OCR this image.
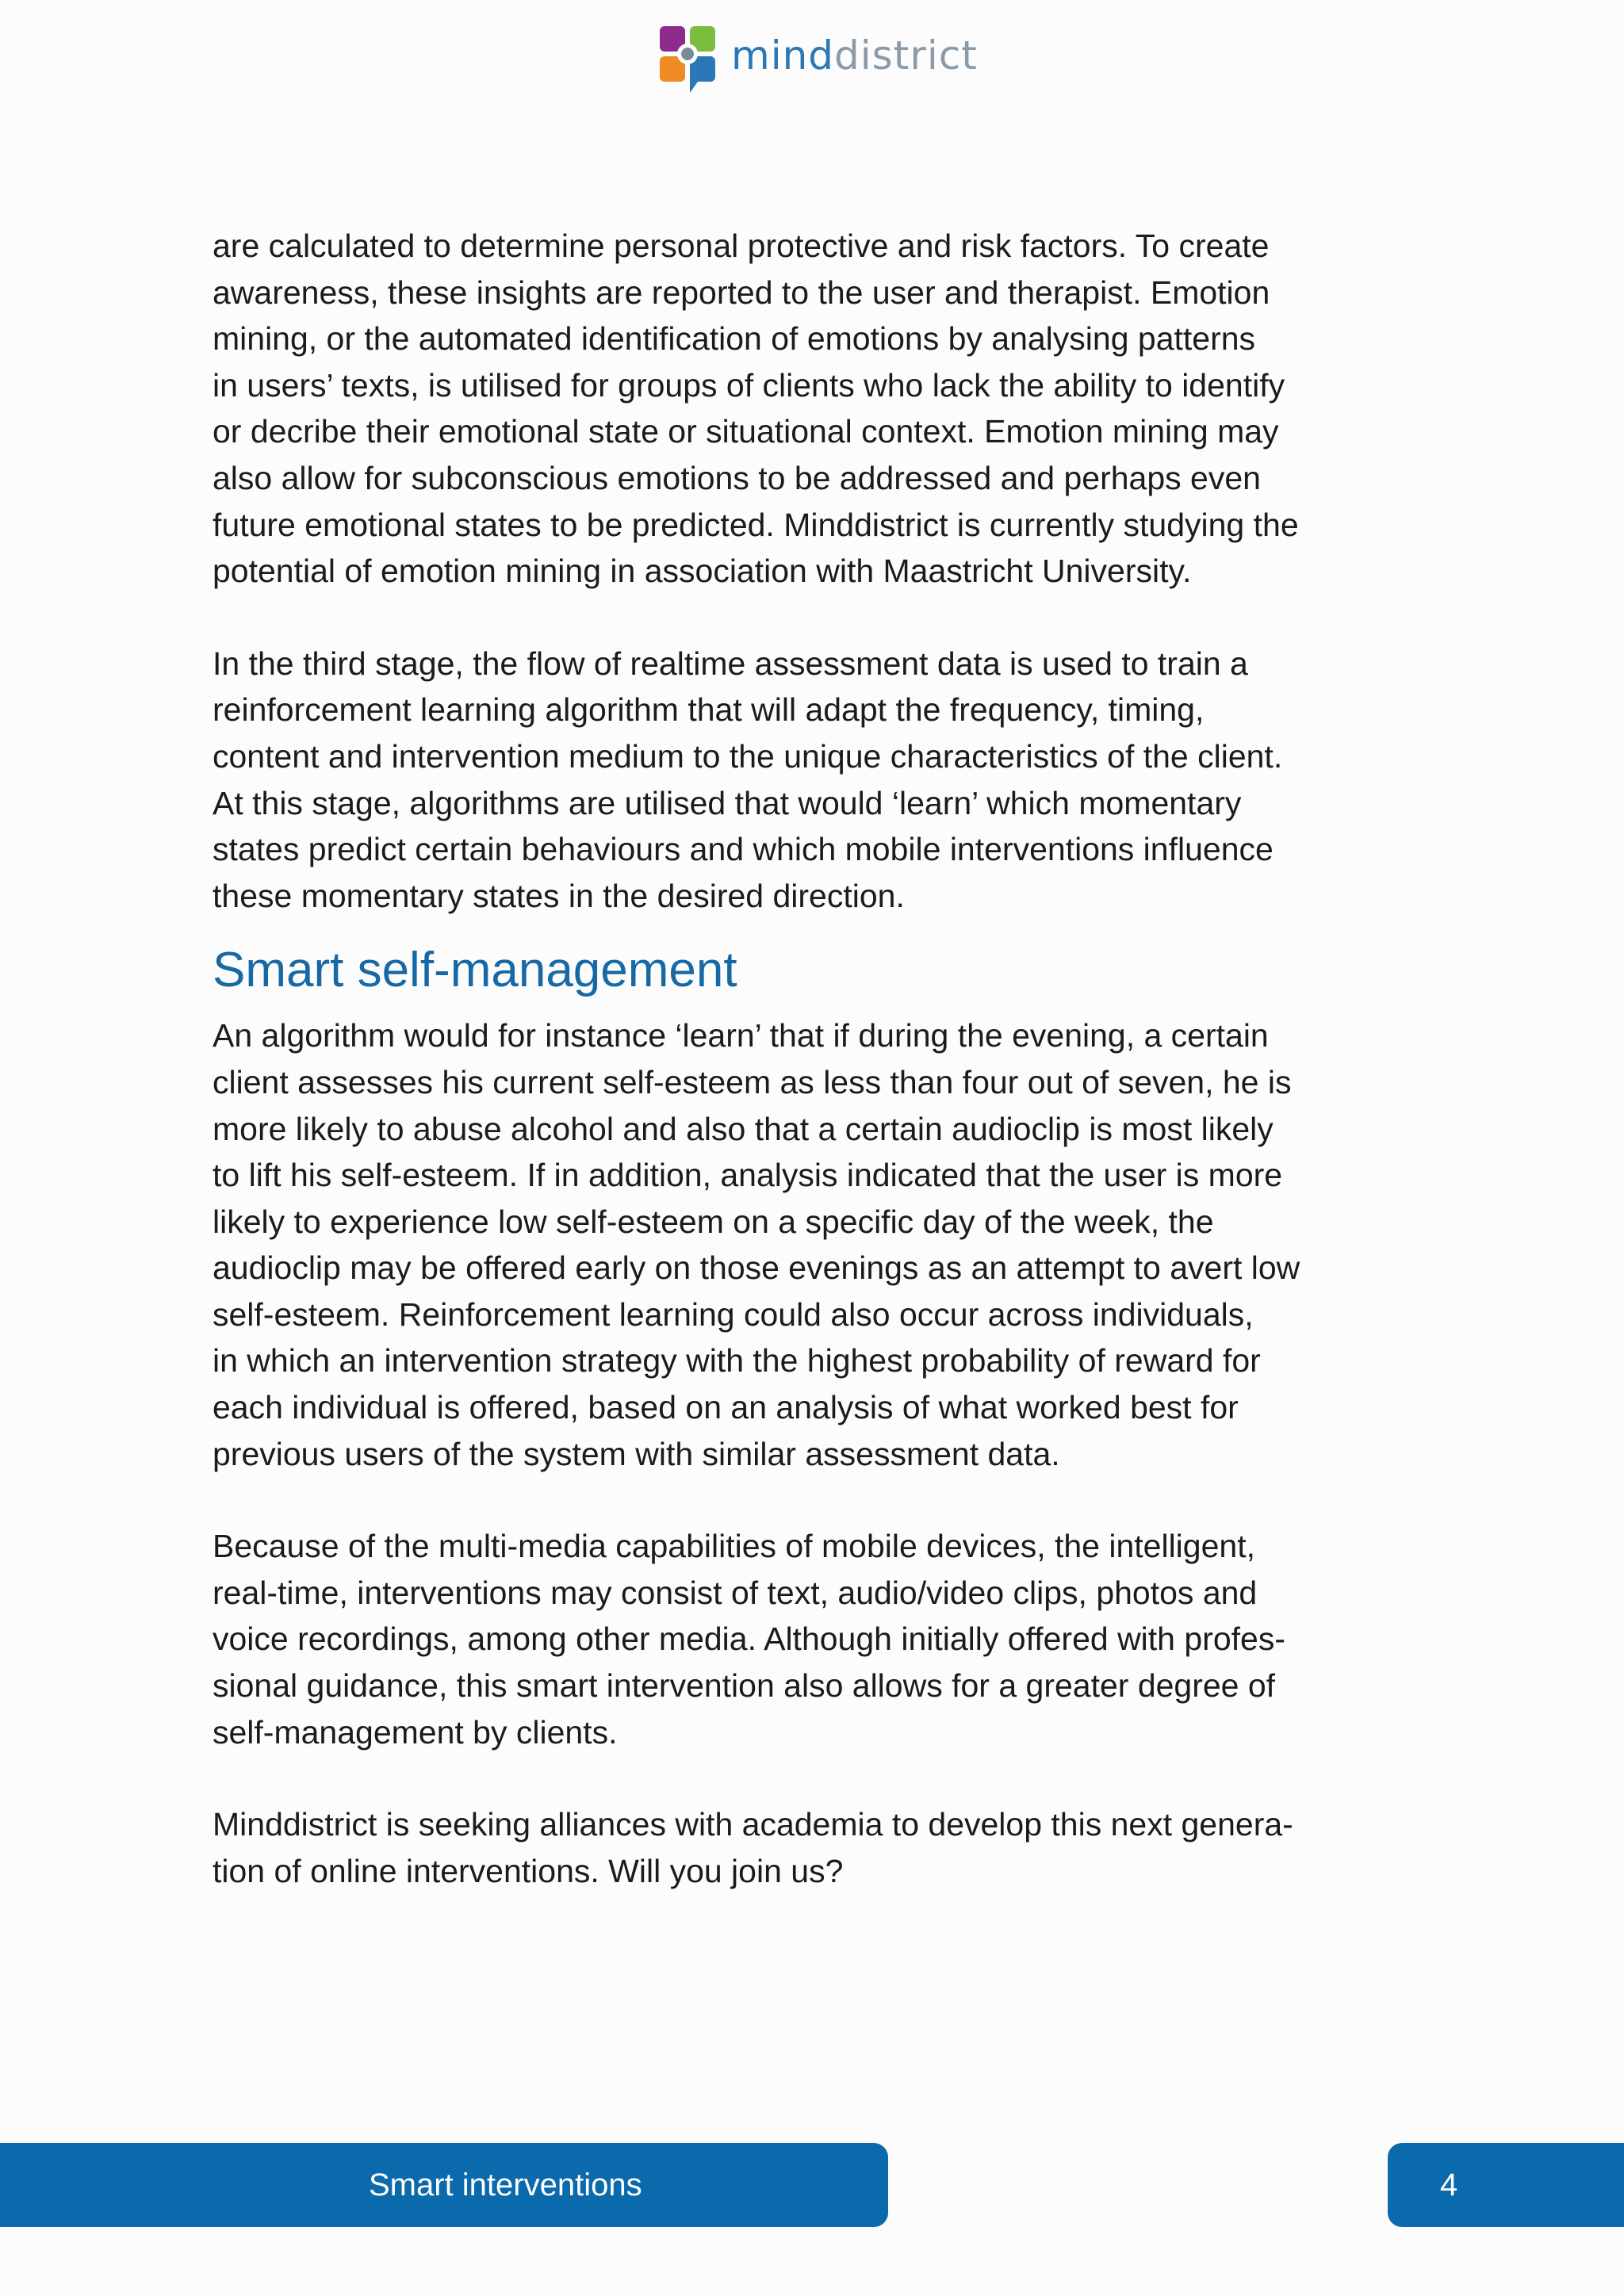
minddistrict

are calculated to determine personal protective and risk factors. To create
awareness, these insights are reported to the user and therapist. Emotion
mining, or the automated identification of emotions by analysing patterns
in users’ texts, is utilised for groups of clients who lack the ability to identify
or decribe their emotional state or situational context. Emotion mining may
also allow for subconscious emotions to be addressed and perhaps even
future emotional states to be predicted. Minddistrict is currently studying the
potential of emotion mining in association with Maastricht University.

In the third stage, the flow of realtime assessment data is used to train a
reinforcement learning algorithm that will adapt the frequency, timing,
content and intervention medium to the unique characteristics of the client.
At this stage, algorithms are utilised that would ‘learn’ which momentary
states predict certain behaviours and which mobile interventions influence
these momentary states in the desired direction.

Smart self-management

An algorithm would for instance ‘learn’ that if during the evening, a certain
client assesses his current self-esteem as less than four out of seven, he is
more likely to abuse alcohol and also that a certain audioclip is most likely
to lift his self-esteem. If in addition, analysis indicated that the user is more
likely to experience low self-esteem on a specific day of the week, the
audioclip may be offered early on those evenings as an attempt to avert low
self-esteem. Reinforcement learning could also occur across individuals,
in which an intervention strategy with the highest probability of reward for
each individual is offered, based on an analysis of what worked best for
previous users of the system with similar assessment data.

Because of the multi-media capabilities of mobile devices, the intelligent,
real-time, interventions may consist of text, audio/video clips, photos and
voice recordings, among other media. Although initially offered with profes-
sional guidance, this smart intervention also allows for a greater degree of
self-management by clients.

Minddistrict is seeking alliances with academia to develop this next genera-
tion of online interventions. Will you join us?

Smart interventions	4
